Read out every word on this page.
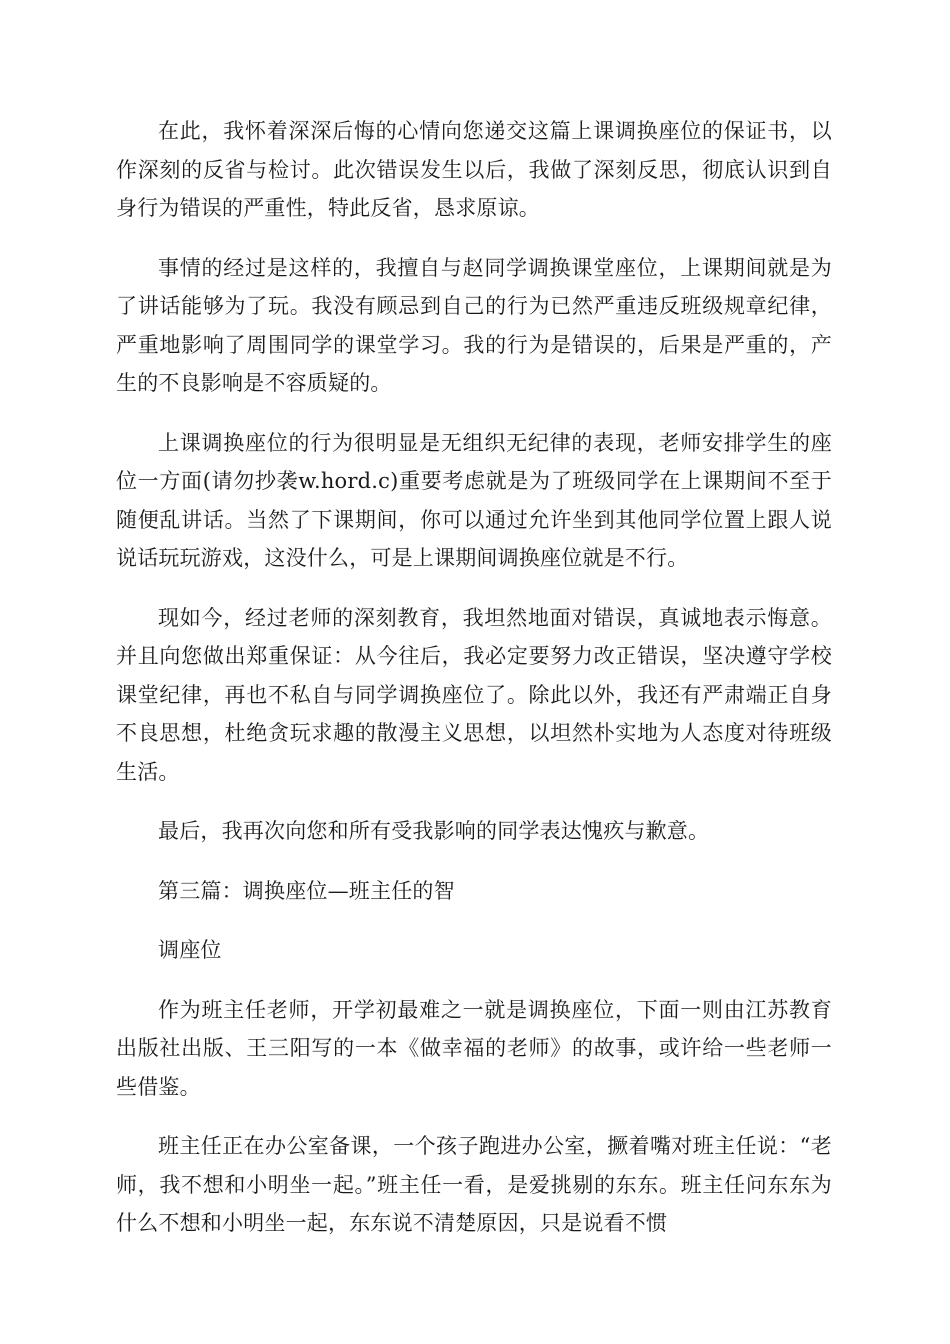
在此，我怀着深深后悔的心情向您递交这篇上课调换座位的保证书，以作深刻的反省与检讨。此次错误发生以后，我做了深刻反思，彻底认识到自身行为错误的严重性，特此反省，恳求原谅。

事情的经过是这样的，我擅自与赵同学调换课堂座位，上课期间就是为了讲话能够为了玩。我没有顾忌到自己的行为已然严重违反班级规章纪律，严重地影响了周围同学的课堂学习。我的行为是错误的，后果是严重的，产生的不良影响是不容质疑的。

上课调换座位的行为很明显是无组织无纪律的表现，老师安排学生的座位一方面(请勿抄袭w.hord.c)重要考虑就是为了班级同学在上课期间不至于随便乱讲话。当然了下课期间，你可以通过允许坐到其他同学位置上跟人说说话玩玩游戏，这没什么，可是上课期间调换座位就是不行。

现如今，经过老师的深刻教育，我坦然地面对错误，真诚地表示悔意。并且向您做出郑重保证：从今往后，我必定要努力改正错误，坚决遵守学校课堂纪律，再也不私自与同学调换座位了。除此以外，我还有严肃端正自身不良思想，杜绝贪玩求趣的散漫主义思想，以坦然朴实地为人态度对待班级生活。

最后，我再次向您和所有受我影响的同学表达愧疚与歉意。

第三篇：调换座位—班主任的智

调座位

作为班主任老师，开学初最难之一就是调换座位，下面一则由江苏教育出版社出版、王三阳写的一本《做幸福的老师》的故事，或许给一些老师一些借鉴。

班主任正在办公室备课，一个孩子跑进办公室，撅着嘴对班主任说：“老师，我不想和小明坐一起。”班主任一看，是爱挑剔的东东。班主任问东东为什么不想和小明坐一起，东东说不清楚原因，只是说看不惯
